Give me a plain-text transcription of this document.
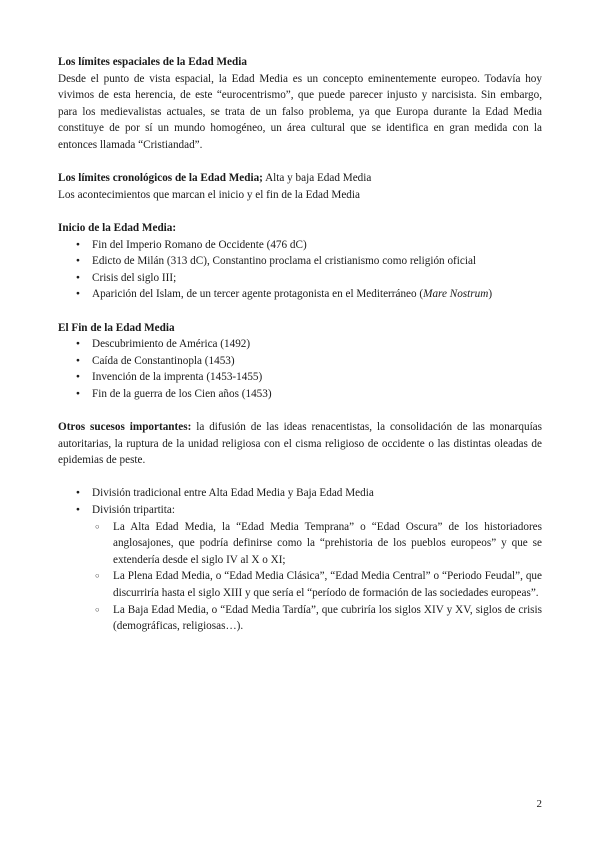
Los límites espaciales de la Edad Media

Desde el punto de vista espacial, la Edad Media es un concepto eminentemente europeo. Todavía hoy vivimos de esta herencia, de este “eurocentrismo”, que puede parecer injusto y narcisista. Sin embargo, para los medievalistas actuales, se trata de un falso problema, ya que Europa durante la Edad Media constituye de por sí un mundo homogéneo, un área cultural que se identifica en gran medida con la entonces llamada “Cristiandad”.

Los límites cronológicos de la Edad Media; Alta y baja Edad Media

Los acontecimientos que marcan el inicio y el fin de la Edad Media

Inicio de la Edad Media:

● Fin del Imperio Romano de Occidente (476 dC)
● Edicto de Milán (313 dC), Constantino proclama el cristianismo como religión oficial
● Crisis del siglo III;
● Aparición del Islam, de un tercer agente protagonista en el Mediterráneo (Mare Nostrum)

El Fin de la Edad Media

● Descubrimiento de América (1492)
● Caída de Constantinopla (1453)
● Invención de la imprenta (1453-1455)
● Fin de la guerra de los Cien años (1453)

Otros sucesos importantes: la difusión de las ideas renacentistas, la consolidación de las monarquías autoritarias, la ruptura de la unidad religiosa con el cisma religioso de occidente o las distintas oleadas de epidemias de peste.

● División tradicional entre Alta Edad Media y Baja Edad Media
● División tripartita:
○ La Alta Edad Media, la “Edad Media Temprana” o “Edad Oscura” de los historiadores anglosajones, que podría definirse como la “prehistoria de los pueblos europeos” y que se extendería desde el siglo IV al X o XI;
○ La Plena Edad Media, o “Edad Media Clásica”, “Edad Media Central” o “Periodo Feudal”, que discurriría hasta el siglo XIII y que sería el “período de formación de las sociedades europeas”.
○ La Baja Edad Media, o “Edad Media Tardía”, que cubriría los siglos XIV y XV, siglos de crisis (demográficas, religiosas…).
2
